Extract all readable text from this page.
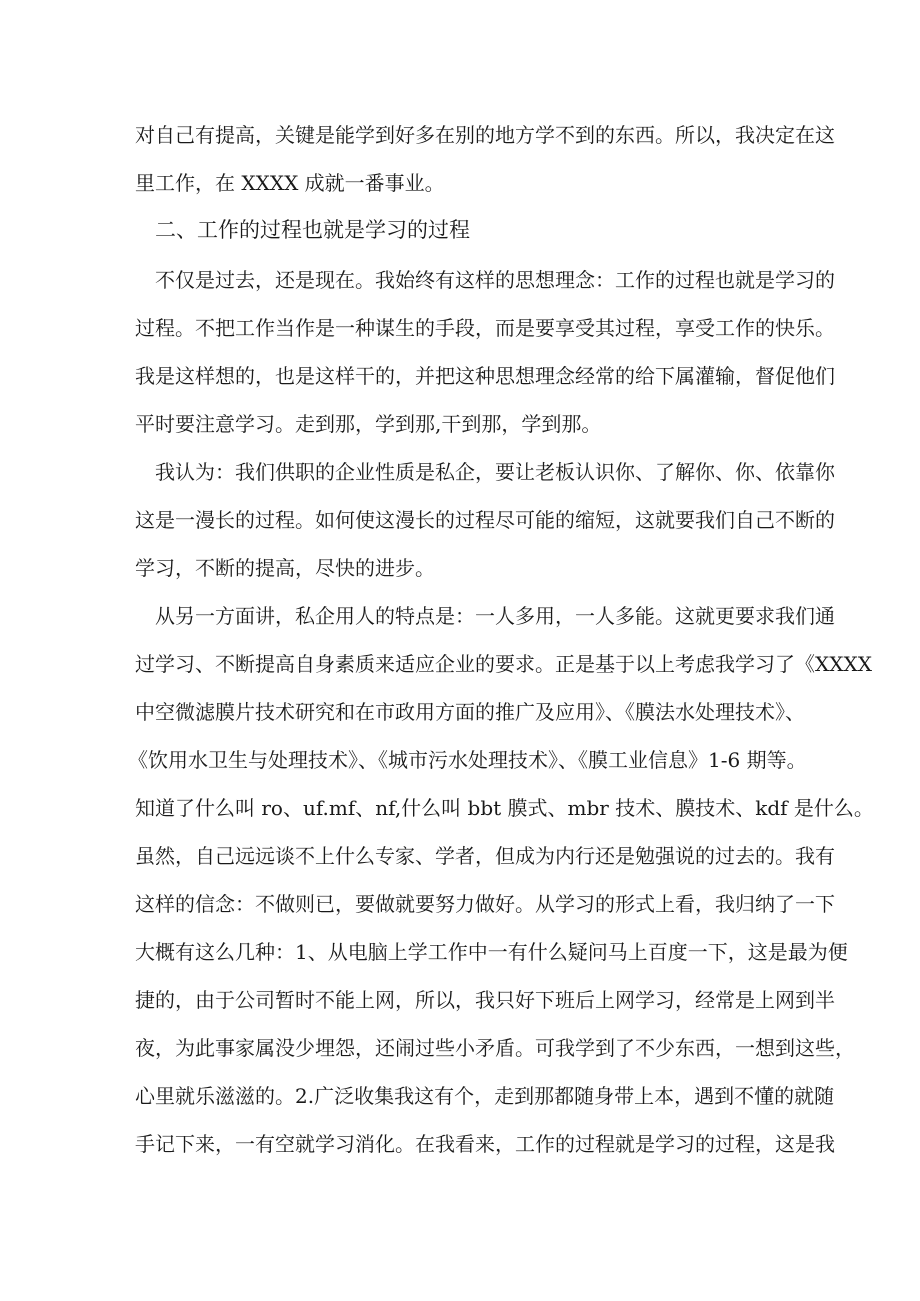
对自己有提高，关键是能学到好多在别的地方学不到的东西。所以，我决定在这
里工作，在 XXXX 成就一番事业。
二、工作的过程也就是学习的过程
不仅是过去，还是现在。我始终有这样的思想理念：工作的过程也就是学习的
过程。不把工作当作是一种谋生的手段，而是要享受其过程，享受工作的快乐。
我是这样想的，也是这样干的，并把这种思想理念经常的给下属灌输，督促他们
平时要注意学习。走到那，学到那,干到那，学到那。
我认为：我们供职的企业性质是私企，要让老板认识你、了解你、你、依靠你
这是一漫长的过程。如何使这漫长的过程尽可能的缩短，这就要我们自己不断的
学习，不断的提高，尽快的进步。
从另一方面讲，私企用人的特点是：一人多用，一人多能。这就更要求我们通
过学习、不断提高自身素质来适应企业的要求。正是基于以上考虑我学习了《XXXX
中空微滤膜片技术研究和在市政用方面的推广及应用》、《膜法水处理技术》、
《饮用水卫生与处理技术》、《城市污水处理技术》、《膜工业信息》1-6 期等。
知道了什么叫 ro、uf.mf、nf,什么叫 bbt 膜式、mbr 技术、膜技术、kdf 是什么。
虽然，自己远远谈不上什么专家、学者，但成为内行还是勉强说的过去的。我有
这样的信念：不做则已，要做就要努力做好。从学习的形式上看，我归纳了一下
大概有这么几种：1、从电脑上学工作中一有什么疑问马上百度一下，这是最为便
捷的，由于公司暂时不能上网，所以，我只好下班后上网学习，经常是上网到半
夜，为此事家属没少埋怨，还闹过些小矛盾。可我学到了不少东西，一想到这些，
心里就乐滋滋的。2.广泛收集我这有个，走到那都随身带上本，遇到不懂的就随
手记下来，一有空就学习消化。在我看来，工作的过程就是学习的过程，这是我
